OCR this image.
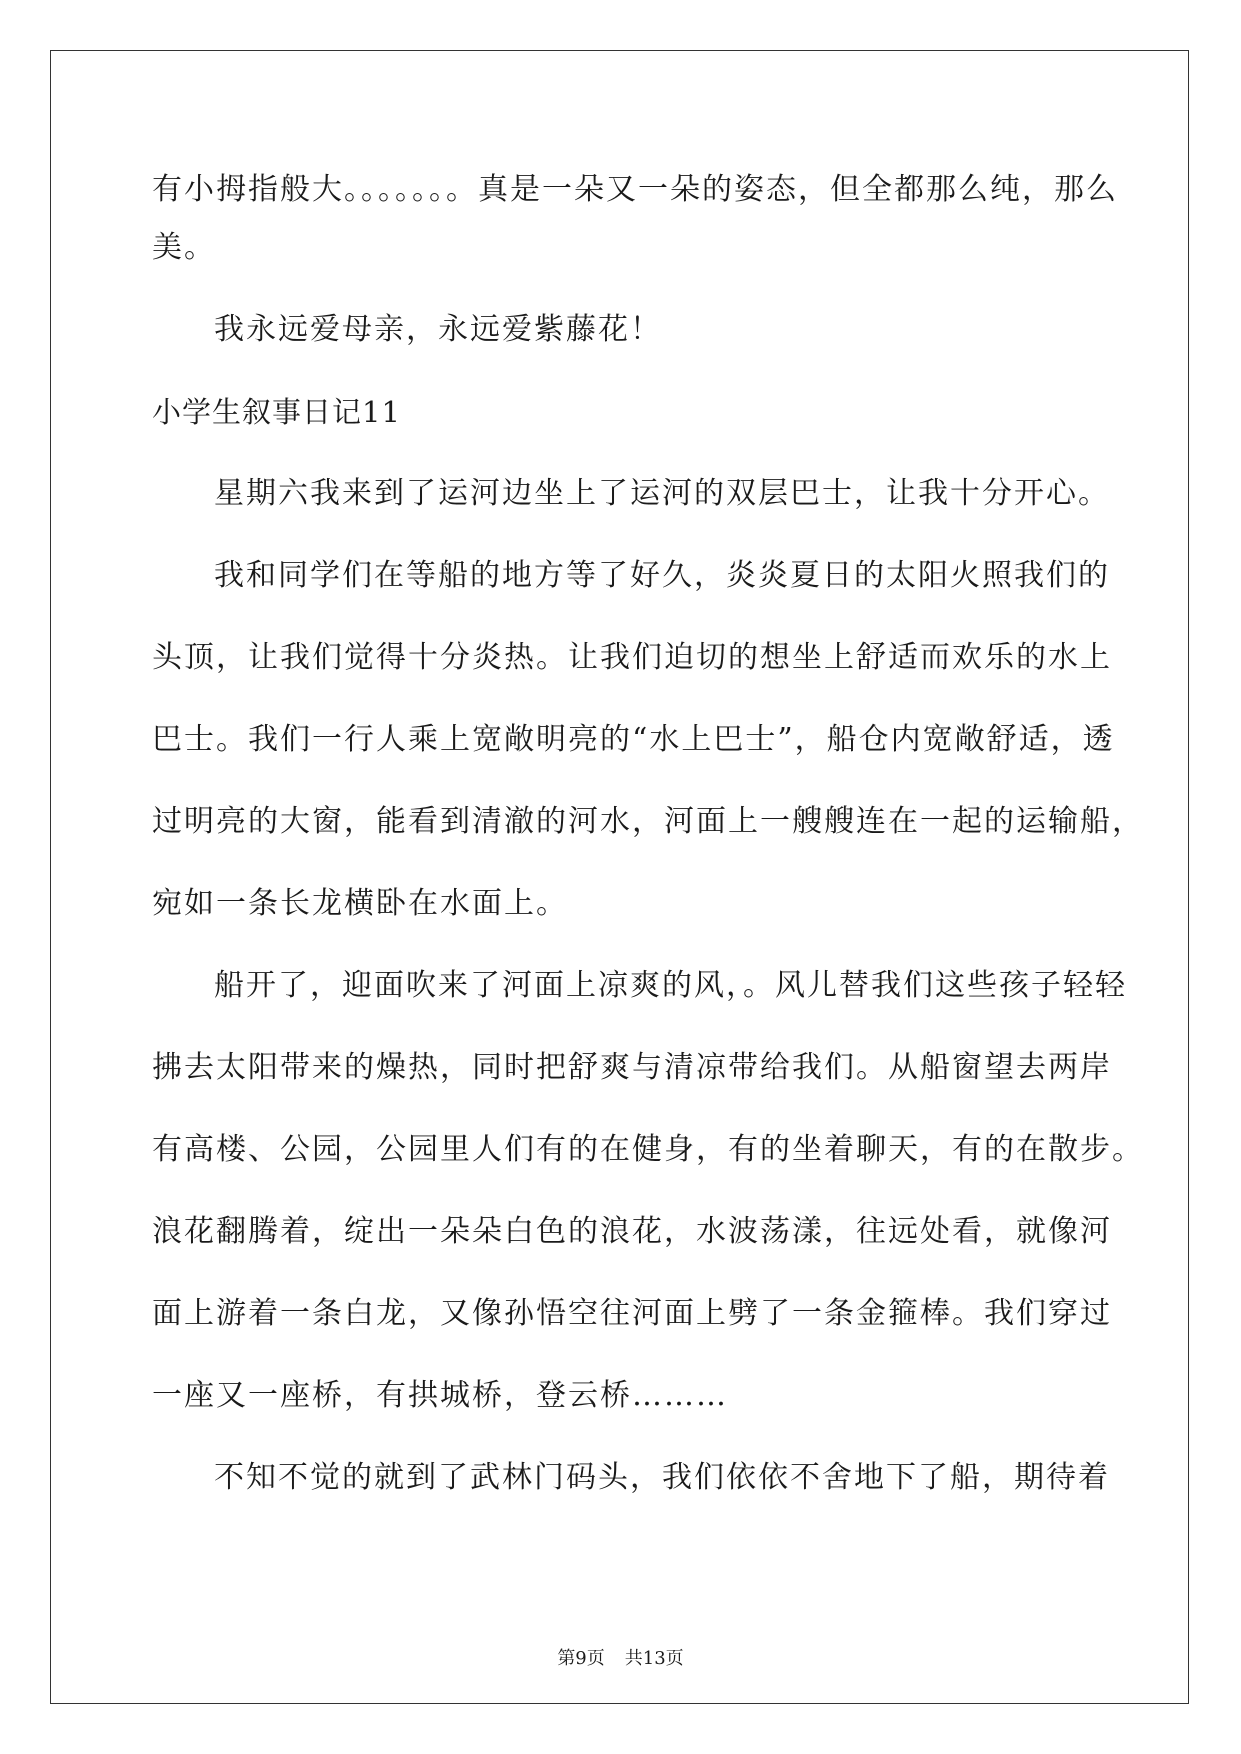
有小拇指般大。。。。。。。真是一朵又一朵的姿态，但全都那么纯，那么
美。
我永远爱母亲，永远爱紫藤花！
小学生叙事日记11
星期六我来到了运河边坐上了运河的双层巴士，让我十分开心。
我和同学们在等船的地方等了好久，炎炎夏日的太阳火照我们的
头顶，让我们觉得十分炎热。让我们迫切的想坐上舒适而欢乐的水上
巴士。我们一行人乘上宽敞明亮的“水上巴士”，船仓内宽敞舒适，透
过明亮的大窗，能看到清澈的河水，河面上一艘艘连在一起的运输船，
宛如一条长龙横卧在水面上。
船开了，迎面吹来了河面上凉爽的风，。风儿替我们这些孩子轻轻
拂去太阳带来的燥热，同时把舒爽与清凉带给我们。从船窗望去两岸
有高楼、公园，公园里人们有的在健身，有的坐着聊天，有的在散步。
浪花翻腾着，绽出一朵朵白色的浪花，水波荡漾，往远处看，就像河
面上游着一条白龙，又像孙悟空往河面上劈了一条金箍棒。我们穿过
一座又一座桥，有拱城桥，登云桥………
不知不觉的就到了武林门码头，我们依依不舍地下了船，期待着
第9页 共13页
